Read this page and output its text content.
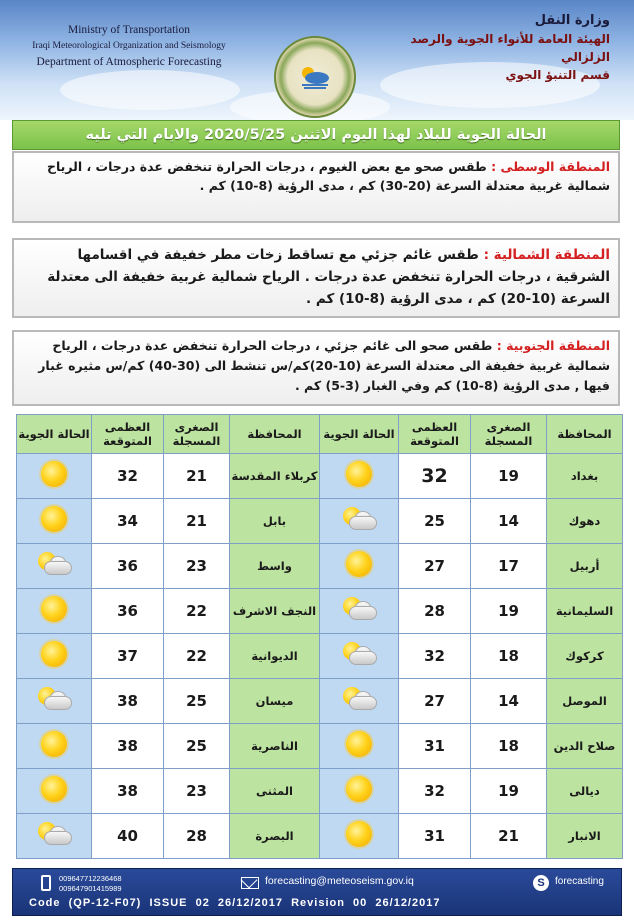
Ministry of Transportation
Iraqi Meteorological Organization and Seismology
Department of Atmospheric Forecasting
وزارة النقل
الهيئة العامة للأنواء الجوية والرصد الزلزالي
قسم التنبؤ الجوي
الحالة الجوية للبلاد لهذا اليوم الاثنين 2020/5/25 والايام التي تليه
المنطقة الوسطى : طقس صحو مع بعض الغيوم ، درجات الحرارة تنخفض عدة درجات ، الرياح شمالية غربية معتدلة السرعة (20-30) كم ، مدى الرؤية (8-10) كم .
المنطقة الشمالية : طقس غائم جزئي مع تساقط زخات مطر خفيفة في اقسامها الشرقية ، درجات الحرارة تنخفض عدة درجات . الرياح شمالية غربية خفيفة الى معتدلة السرعة (10-20) كم ، مدى الرؤية (8-10) كم .
المنطقة الجنوبية : طقس صحو الى غائم جزئي ، درجات الحرارة تنخفض عدة درجات ، الرياح شمالية غربية خفيفة الى معتدلة السرعة (10-20)كم/س تنشط الى (30-40) كم/س مثيره غبار فيها , مدى الرؤية (8-10) كم وفي الغبار (3-5) كم .
الحالة الجوية	العظمى المتوقعة	الصغرى المسجلة	المحافظة	الحالة الجوية	العظمى المتوقعة	الصغرى المسجلة	المحافظة
	32	21	كربلاء المقدسة		32	19	بغداد
	34	21	بابل		25	14	دهوك

	36	23	واسط		27	17	أربيل
	36	22	النجف الاشرف		28	19	السليمانية
	37	22	الديوانية		32	18	كركوك

	38	25	ميسان		27	14	الموصل
	38	25	الناصرية		31	18	صلاح الدين
	38	23	المثنى		32	19	ديالى

	40	28	البصرة		31	21	الانبار
009647712236468
009647901415989
forecasting@meteoseism.gov.iq	S	forecasting
Code  (QP-12-F07)  ISSUE  02  26/12/2017  Revision  00  26/12/2017
